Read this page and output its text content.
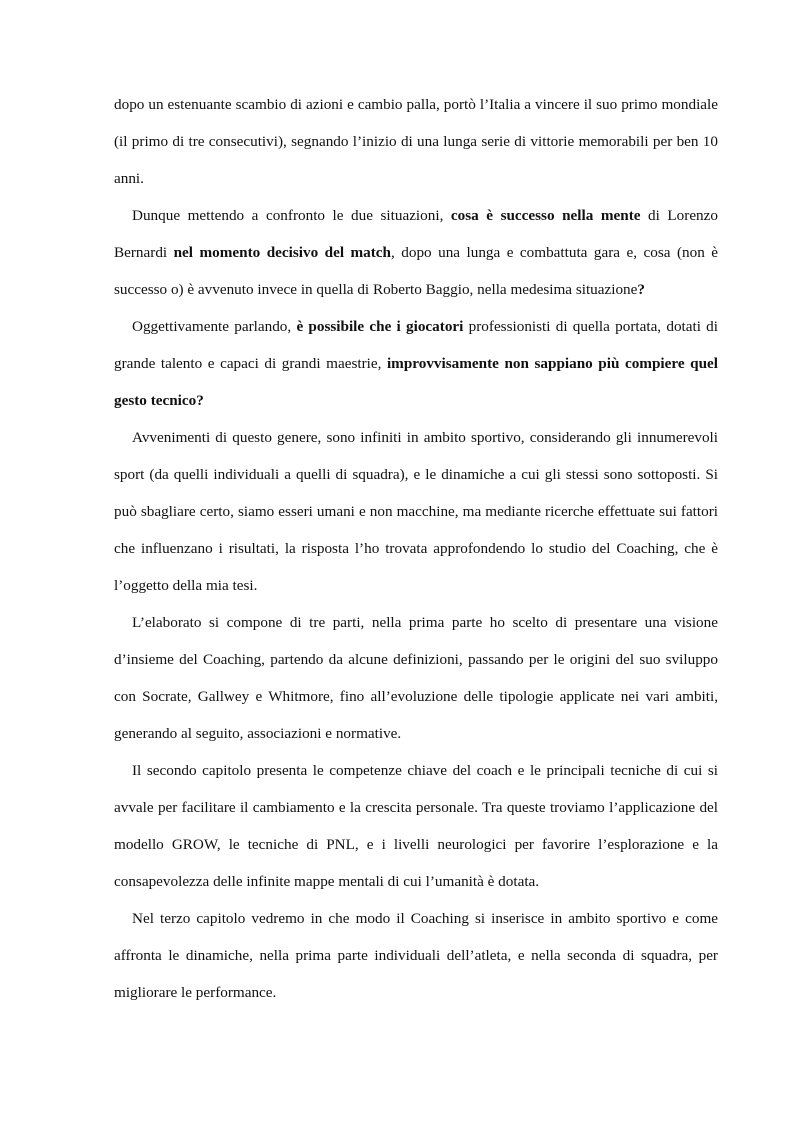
dopo un estenuante scambio di azioni e cambio palla, portò l’Italia a vincere il suo primo mondiale (il primo di tre consecutivi), segnando l’inizio di una lunga serie di vittorie memorabili per ben 10 anni.

Dunque mettendo a confronto le due situazioni, cosa è successo nella mente di Lorenzo Bernardi nel momento decisivo del match, dopo una lunga e combattuta gara e, cosa (non è successo o) è avvenuto invece in quella di Roberto Baggio, nella medesima situazione?

Oggettivamente parlando, è possibile che i giocatori professionisti di quella portata, dotati di grande talento e capaci di grandi maestrie, improvvisamente non sappiano più compiere quel gesto tecnico?

Avvenimenti di questo genere, sono infiniti in ambito sportivo, considerando gli innumerevoli sport (da quelli individuali a quelli di squadra), e le dinamiche a cui gli stessi sono sottoposti. Si può sbagliare certo, siamo esseri umani e non macchine, ma mediante ricerche effettuate sui fattori che influenzano i risultati, la risposta l’ho trovata approfondendo lo studio del Coaching, che è l’oggetto della mia tesi.

L’elaborato si compone di tre parti, nella prima parte ho scelto di presentare una visione d’insieme del Coaching, partendo da alcune definizioni, passando per le origini del suo sviluppo con Socrate, Gallwey e Whitmore, fino all’evoluzione delle tipologie applicate nei vari ambiti, generando al seguito, associazioni e normative.

Il secondo capitolo presenta le competenze chiave del coach e le principali tecniche di cui si avvale per facilitare il cambiamento e la crescita personale. Tra queste troviamo l’applicazione del modello GROW, le tecniche di PNL, e i livelli neurologici per favorire l’esplorazione e la consapevolezza delle infinite mappe mentali di cui l’umanità è dotata.

Nel terzo capitolo vedremo in che modo il Coaching si inserisce in ambito sportivo e come affronta le dinamiche, nella prima parte individuali dell’atleta, e nella seconda di squadra, per migliorare le performance.
